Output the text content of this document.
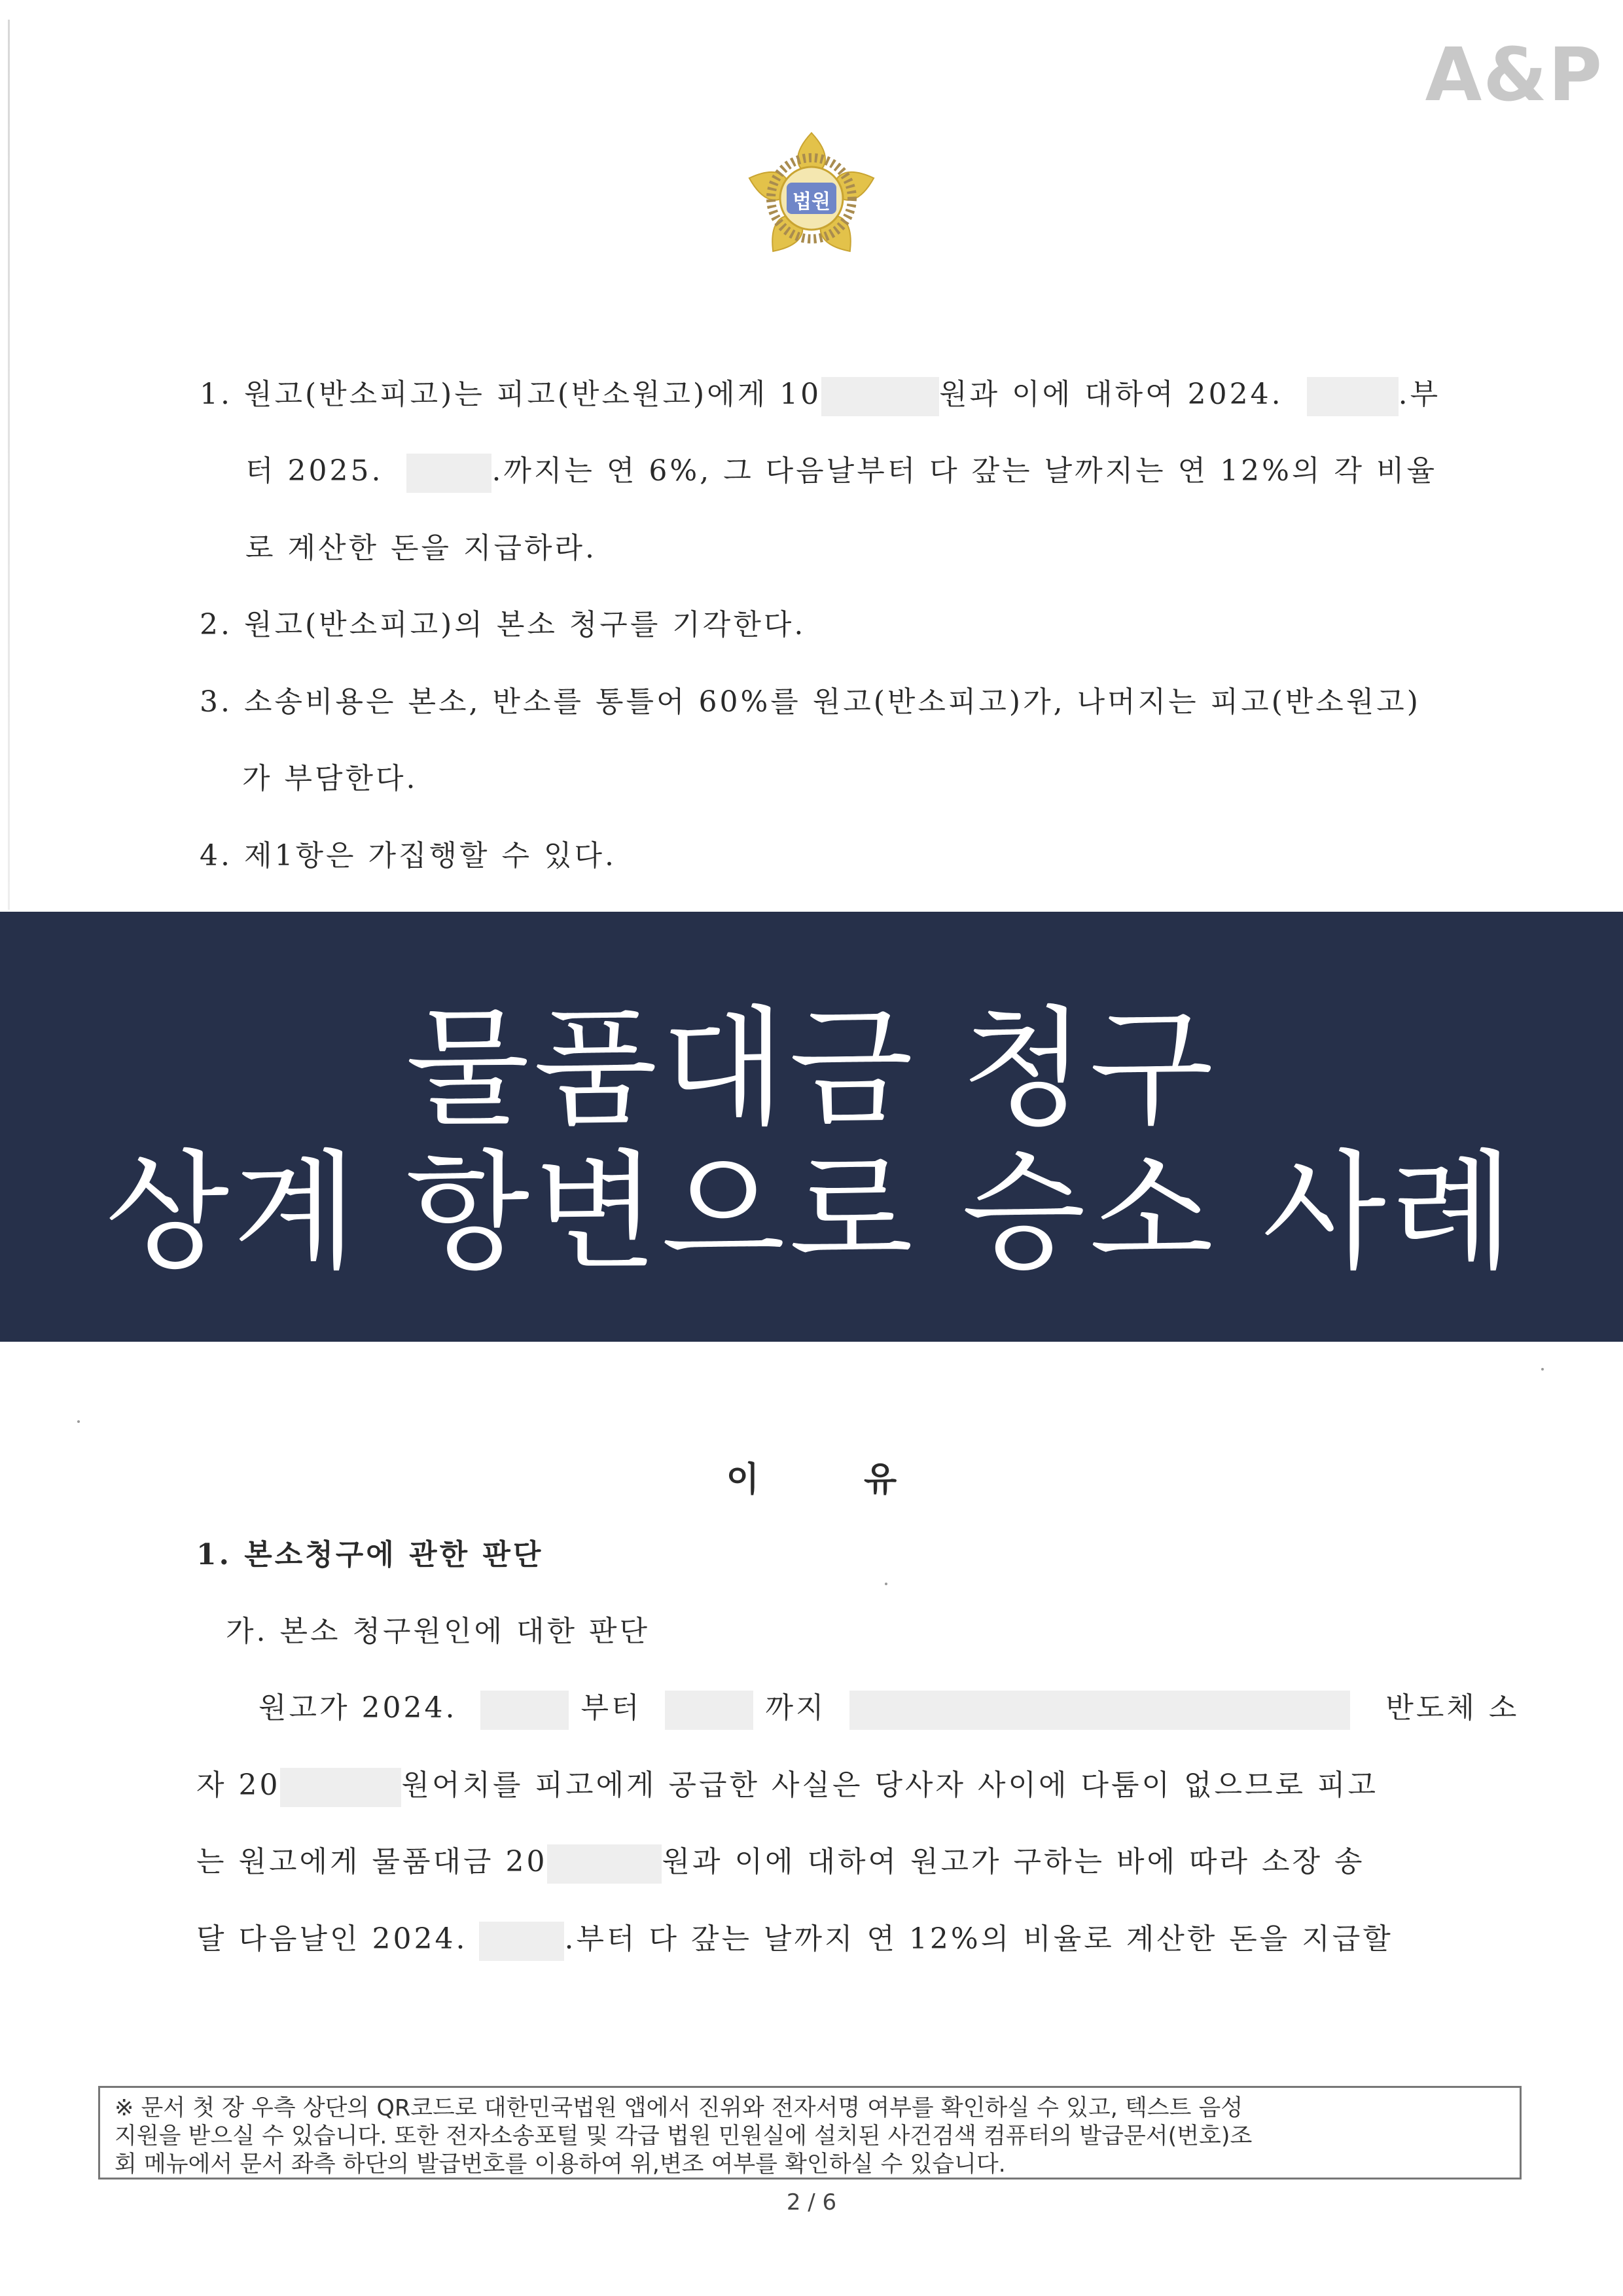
A&P
법원
1. 원고(반소피고)는 피고(반소원고)에게 10	원과 이에 대하여 2024.	.부
터 2025.	.까지는 연 6%, 그 다음날부터 다 갚는 날까지는 연 12%의 각 비율
로 계산한 돈을 지급하라.
2. 원고(반소피고)의 본소 청구를 기각한다.
3. 소송비용은 본소, 반소를 통틀어 60%를 원고(반소피고)가, 나머지는 피고(반소원고)
가 부담한다.
4. 제1항은 가집행할 수 있다.
물품대금 청구
상계 항변으로 승소 사례
이유
1. 본소청구에 관한 판단
가. 본소 청구원인에 대한 판단
원고가 2024.	부터	까지	반도체 소
자 20	원어치를 피고에게 공급한 사실은 당사자 사이에 다툼이 없으므로 피고
는 원고에게 물품대금 20	원과 이에 대하여 원고가 구하는 바에 따라 소장 송
달 다음날인 2024.	.부터 다 갚는 날까지 연 12%의 비율로 계산한 돈을 지급할
※ 문서 첫 장 우측 상단의 QR코드로 대한민국법원 앱에서 진위와 전자서명 여부를 확인하실 수 있고, 텍스트 음성
지원을 받으실 수 있습니다. 또한 전자소송포털 및 각급 법원 민원실에 설치된 사건검색 컴퓨터의 발급문서(번호)조
회 메뉴에서 문서 좌측 하단의 발급번호를 이용하여 위,변조 여부를 확인하실 수 있습니다.
2 / 6
